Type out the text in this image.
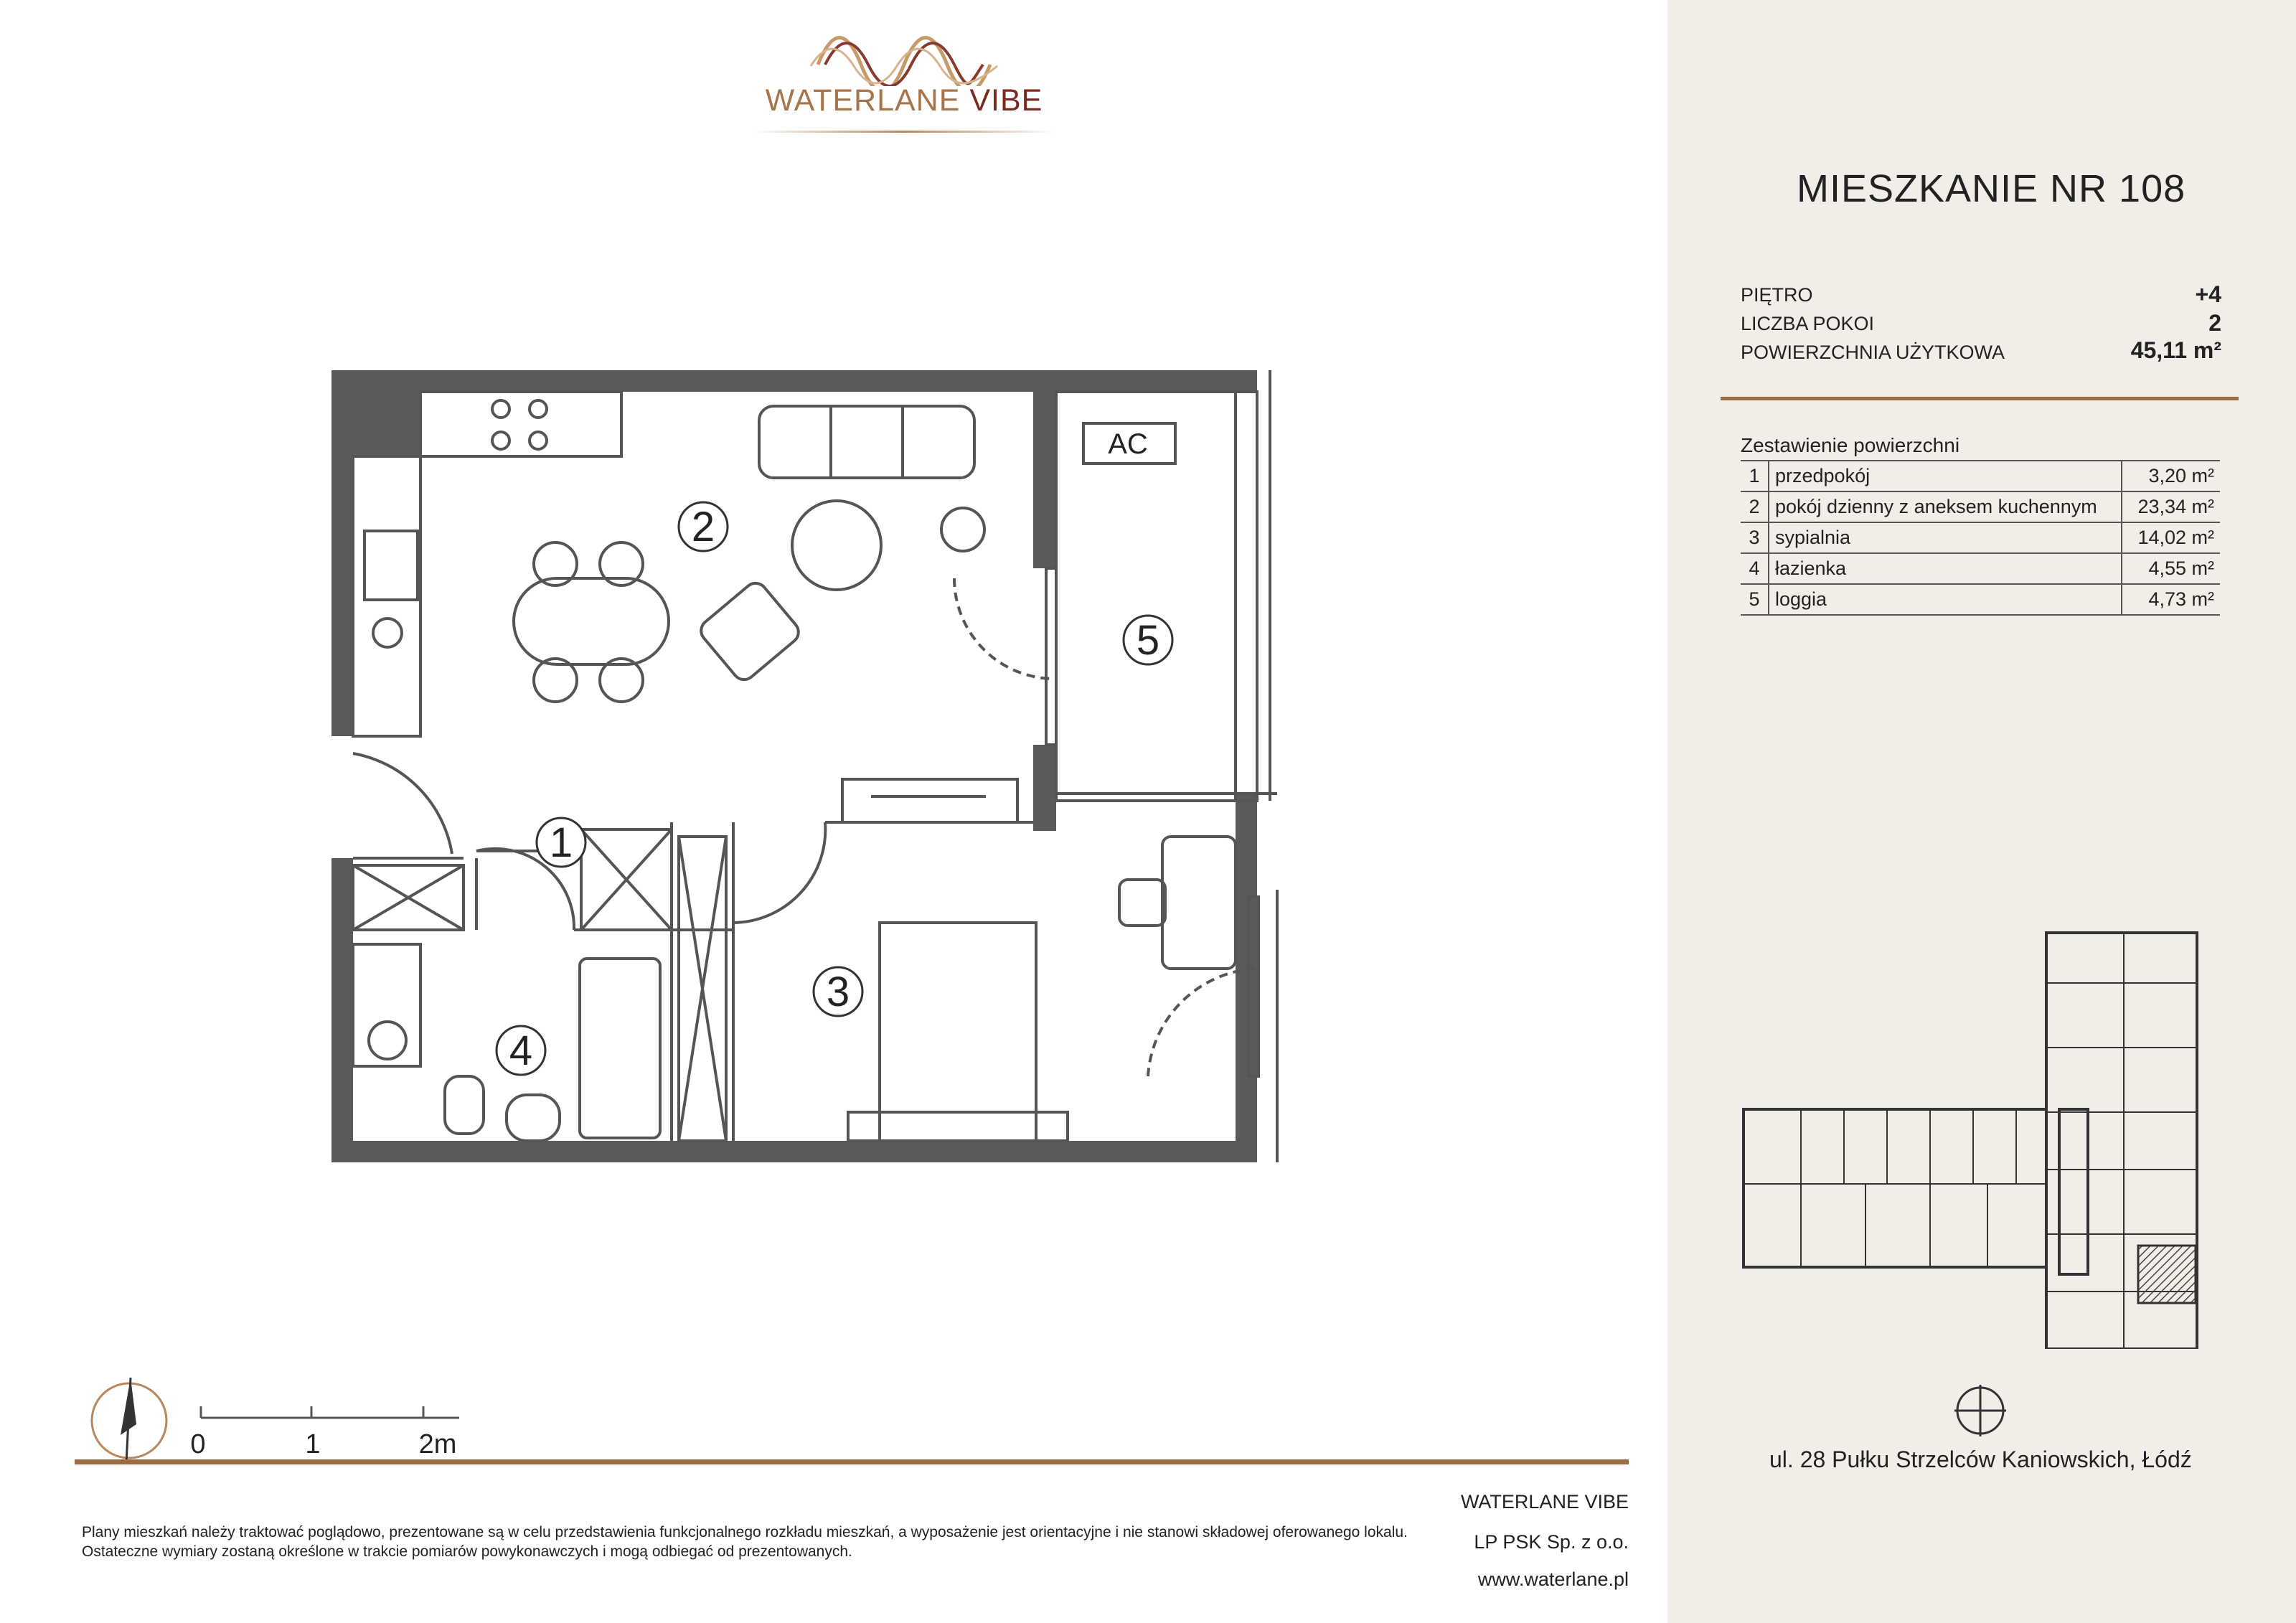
WATERLANE VIBE
MIESZKANIE NR 108
PIĘTRO	+4
LICZBA POKOI	2
POWIERZCHNIA UŻYTKOWA	45,11 m²
Zestawienie powierzchni
1	przedpokój	3,20 m²
2	pokój dzienny z aneksem kuchennym	23,34 m²
3	sypialnia	14,02 m²
4	łazienka	4,55 m²
5	loggia	4,73 m²
1
2
3
4
5
AC
0	1	2m	ul. 28 Pułku Strzelców Kaniowskich, Łódź
Plany mieszkań należy traktować poglądowo, prezentowane są w celu przedstawienia funkcjonalnego rozkładu mieszkań, a wyposażenie jest orientacyjne i nie stanowi składowej oferowanego lokalu.
Ostateczne wymiary zostaną określone w trakcie pomiarów powykonawczych i mogą odbiegać od prezentowanych.
WATERLANE VIBE
LP PSK Sp. z o.o.
www.waterlane.pl
